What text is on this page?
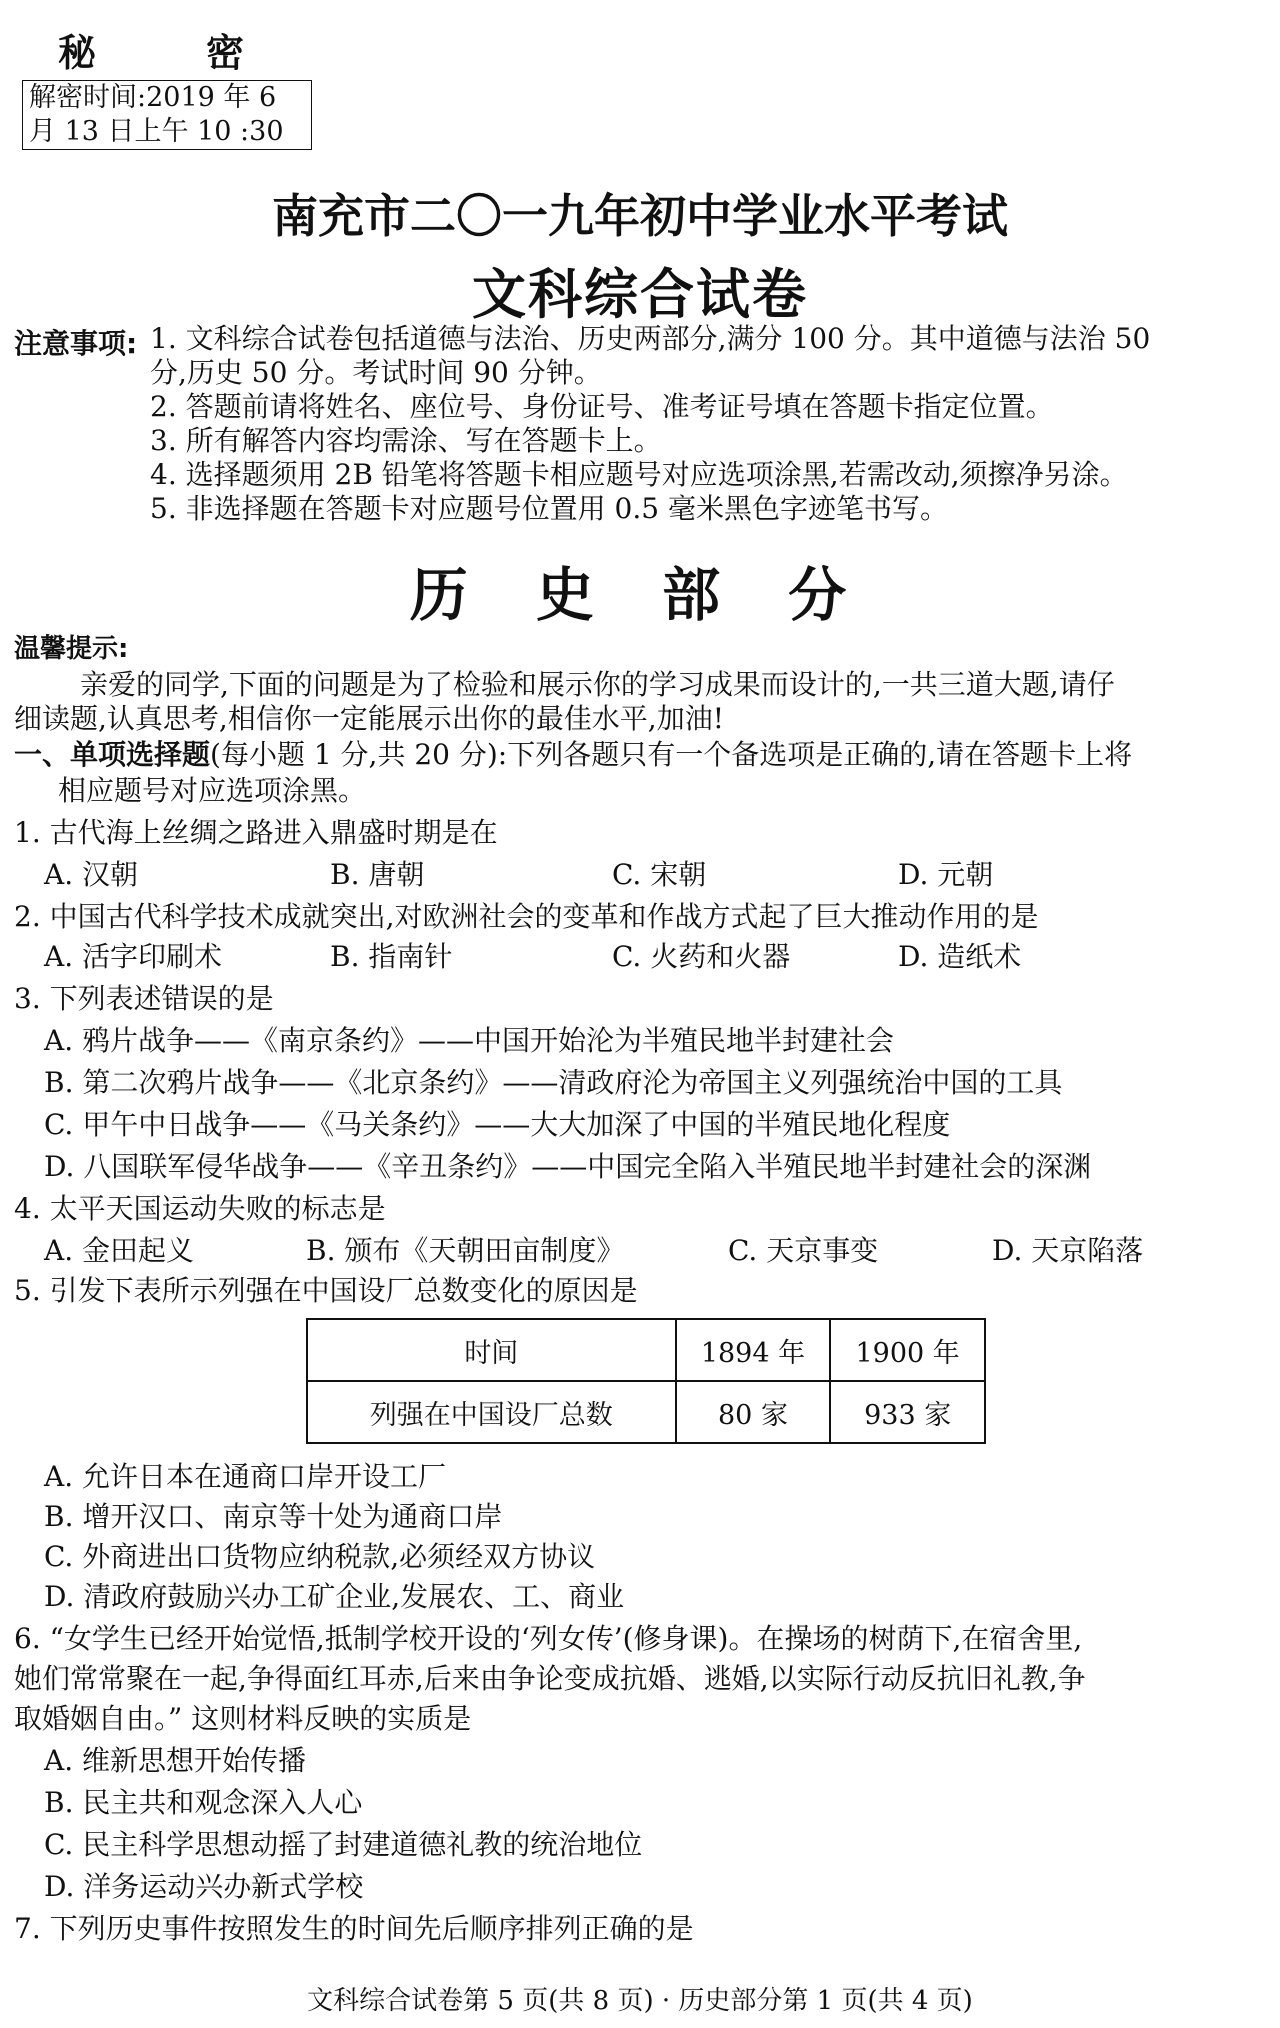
秘	密
解密时间:2019 年 6 月 13 日上午 10 :30
南充市二〇一九年初中学业水平考试
文科综合试卷
注意事项: 1. 文科综合试卷包括道德与法治、历史两部分,满分 100 分。其中道德与法治 50
分,历史 50 分。考试时间 90 分钟。
2. 答题前请将姓名、座位号、身份证号、准考证号填在答题卡指定位置。
3. 所有解答内容均需涂、写在答题卡上。
4. 选择题须用 2B 铅笔将答题卡相应题号对应选项涂黑,若需改动,须擦净另涂。
5. 非选择题在答题卡对应题号位置用 0.5 毫米黑色字迹笔书写。
历 史 部 分
温馨提示:
亲爱的同学,下面的问题是为了检验和展示你的学习成果而设计的,一共三道大题,请仔
细读题,认真思考,相信你一定能展示出你的最佳水平,加油!
一、单项选择题(每小题 1 分,共 20 分):下列各题只有一个备选项是正确的,请在答题卡上将
相应题号对应选项涂黑。
1. 古代海上丝绸之路进入鼎盛时期是在
A. 汉朝	B. 唐朝	C. 宋朝	D. 元朝
2. 中国古代科学技术成就突出,对欧洲社会的变革和作战方式起了巨大推动作用的是
A. 活字印刷术	B. 指南针	C. 火药和火器	D. 造纸术
3. 下列表述错误的是
A. 鸦片战争——《南京条约》——中国开始沦为半殖民地半封建社会
B. 第二次鸦片战争——《北京条约》——清政府沦为帝国主义列强统治中国的工具
C. 甲午中日战争——《马关条约》——大大加深了中国的半殖民地化程度
D. 八国联军侵华战争——《辛丑条约》——中国完全陷入半殖民地半封建社会的深渊
4. 太平天国运动失败的标志是
A. 金田起义	B. 颁布《天朝田亩制度》	C. 天京事变	D. 天京陷落
5. 引发下表所示列强在中国设厂总数变化的原因是
时间	1894 年	1900 年
列强在中国设厂总数	80 家	933 家
A. 允许日本在通商口岸开设工厂
B. 增开汉口、南京等十处为通商口岸
C. 外商进出口货物应纳税款,必须经双方协议
D. 清政府鼓励兴办工矿企业,发展农、工、商业
6. “女学生已经开始觉悟,抵制学校开设的‘列女传’(修身课)。在操场的树荫下,在宿舍里,
她们常常聚在一起,争得面红耳赤,后来由争论变成抗婚、逃婚,以实际行动反抗旧礼教,争
取婚姻自由。” 这则材料反映的实质是
A. 维新思想开始传播
B. 民主共和观念深入人心
C. 民主科学思想动摇了封建道德礼教的统治地位
D. 洋务运动兴办新式学校
7. 下列历史事件按照发生的时间先后顺序排列正确的是
文科综合试卷第 5 页(共 8 页) · 历史部分第 1 页(共 4 页)
